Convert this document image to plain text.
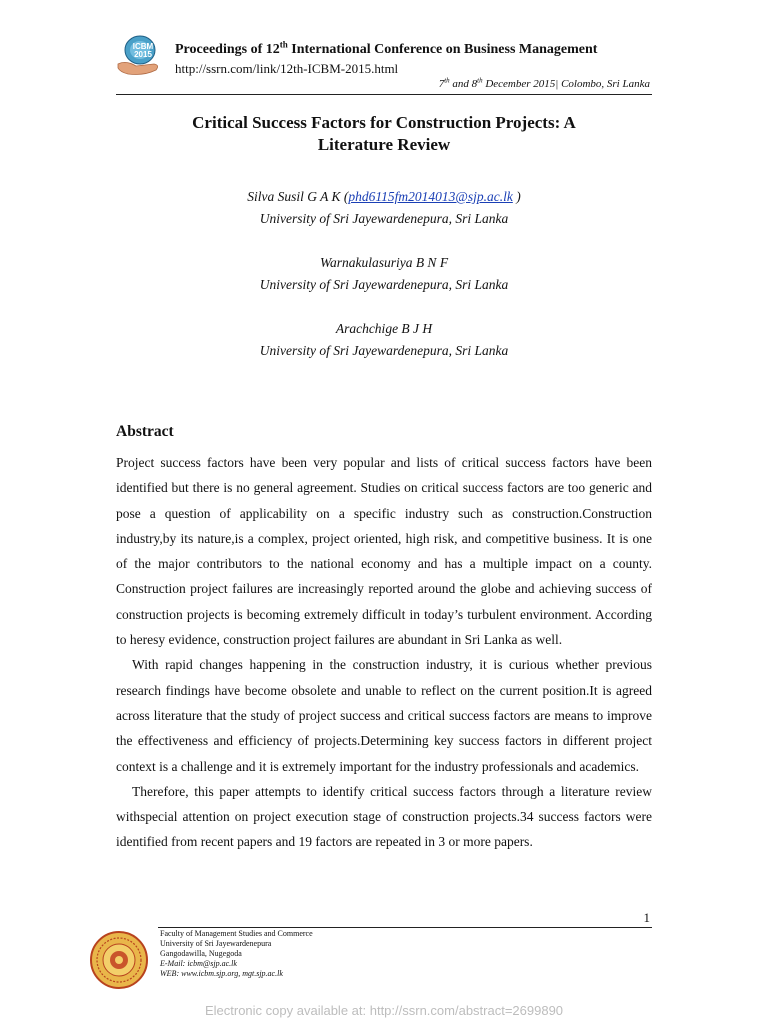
ICBM 2015	Proceedings of 12th International Conference on Business Management
http://ssrn.com/link/12th-ICBM-2015.html
7th and 8th December 2015| Colombo, Sri Lanka
Critical Success Factors for Construction Projects: A
Literature Review
Silva Susil G A K (phd6115fm2014013@sjp.ac.lk )
University of Sri Jayewardenepura, Sri Lanka
Warnakulasuriya B N F
University of Sri Jayewardenepura, Sri Lanka
Arachchige B J H
University of Sri Jayewardenepura, Sri Lanka
Abstract

Project success factors have been very popular and lists of critical success factors have been identified but there is no general agreement. Studies on critical success factors are too generic and pose a question of applicability on a specific industry such as construction.Construction industry,by its nature,is a complex, project oriented, high risk, and competitive business. It is one of the major contributors to the national economy and has a multiple impact on a county. Construction project failures are increasingly reported around the globe and achieving success of construction projects is becoming extremely difficult in today’s turbulent environment. According to heresy evidence, construction project failures are abundant in Sri Lanka as well.

With rapid changes happening in the construction industry, it is curious whether previous research findings have become obsolete and unable to reflect on the current position.It is agreed across literature that the study of project success and critical success factors are means to improve the effectiveness and efficiency of projects.Determining key success factors in different project context is a challenge and it is extremely important for the industry professionals and academics.

Therefore, this paper attempts to identify critical success factors through a literature review withspecial attention on project execution stage of construction projects.34 success factors were identified from recent papers and 19 factors are repeated in 3 or more papers.

1
Faculty of Management Studies and Commerce
University of Sri Jayewardenepura
Gangodawilla, Nugegoda
E-Mail: icbm@sjp.ac.lk
WEB: www.icbm.sjp.org, mgt.sjp.ac.lk
Electronic copy available at: http://ssrn.com/abstract=2699890
